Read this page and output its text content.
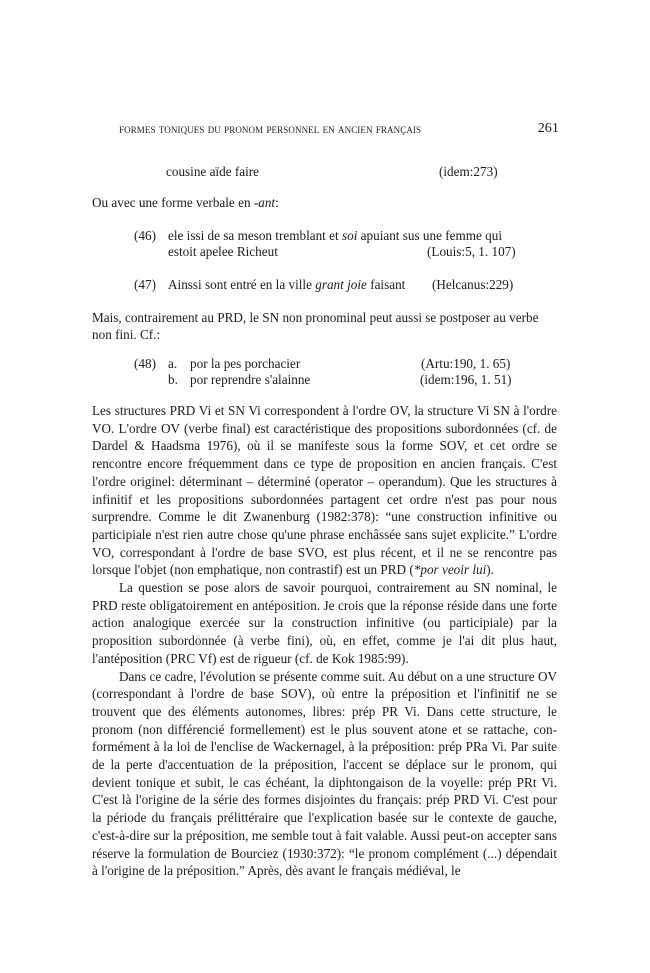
formes toniques du pronom personnel en ancien français	261
cousine aïde faire	(idem:273)
Ou avec une forme verbale en -ant:
(46) ele issi de sa meson tremblant et soi apuiant sus une femme qui
estoit apelee Richeut	(Louis:5, 1. 107)
(47) Ainssi sont entré en la ville grant joie faisant (Helcanus:229)
Mais, contrairement au PRD, le SN non pronominal peut aussi se postposer au verbe
non fini. Cf.:
(48) a. por la pes porchacier	(Artu:190, 1. 65)
b. por reprendre s'alainne	(idem:196, 1. 51)

Les structures PRD Vi et SN Vi correspondent à l'ordre OV, la structure Vi SN à l'ordre VO. L'ordre OV (verbe final) est caractéristique des propositions subordonnées (cf. de Dardel & Haadsma 1976), où il se manifeste sous la forme SOV, et cet ordre se rencontre encore fréquemment dans ce type de proposition en ancien français. C'est l'ordre originel: déterminant – déterminé (operator – operandum). Que les structures à infinitif et les propositions subordonnées partagent cet ordre n'est pas pour nous surprendre. Comme le dit Zwanenburg (1982:378): “une construction infinitive ou participiale n'est rien autre chose qu'une phrase enchâssée sans sujet explicite.” L'ordre VO, correspondant à l'ordre de base SVO, est plus récent, et il ne se rencontre pas lorsque l'objet (non emphatique, non contrastif) est un PRD (*por veoir lui).

La question se pose alors de savoir pourquoi, contrairement au SN nominal, le PRD reste obligatoirement en antéposition. Je crois que la réponse réside dans une forte action analogique exercée sur la construction infinitive (ou participiale) par la proposition subordonnée (à verbe fini), où, en effet, comme je l'ai dit plus haut, l'antéposition (PRC Vf) est de rigueur (cf. de Kok 1985:99).

Dans ce cadre, l'évolution se présente comme suit. Au début on a une structure OV (correspondant à l'ordre de base SOV), où entre la préposition et l'infinitif ne se trouvent que des éléments autonomes, libres: prép PR Vi. Dans cette structure, le pronom (non différencié formellement) est le plus souvent atone et se rattache, conformément à la loi de l'enclise de Wackernagel, à la préposition: prép PRa Vi. Par suite de la perte d'accentuation de la préposition, l'accent se déplace sur le pronom, qui devient tonique et subit, le cas échéant, la diphtongaison de la voyelle: prép PRt Vi. C'est là l'origine de la série des formes disjointes du français: prép PRD Vi. C'est pour la période du français prélittéraire que l'explication basée sur le contexte de gauche, c'est-à-dire sur la préposition, me semble tout à fait valable. Aussi peut-on accepter sans réserve la formulation de Bourciez (1930:372): “le pronom complément (...) dépendait à l'origine de la préposition.” Après, dès avant le français médiéval, le
